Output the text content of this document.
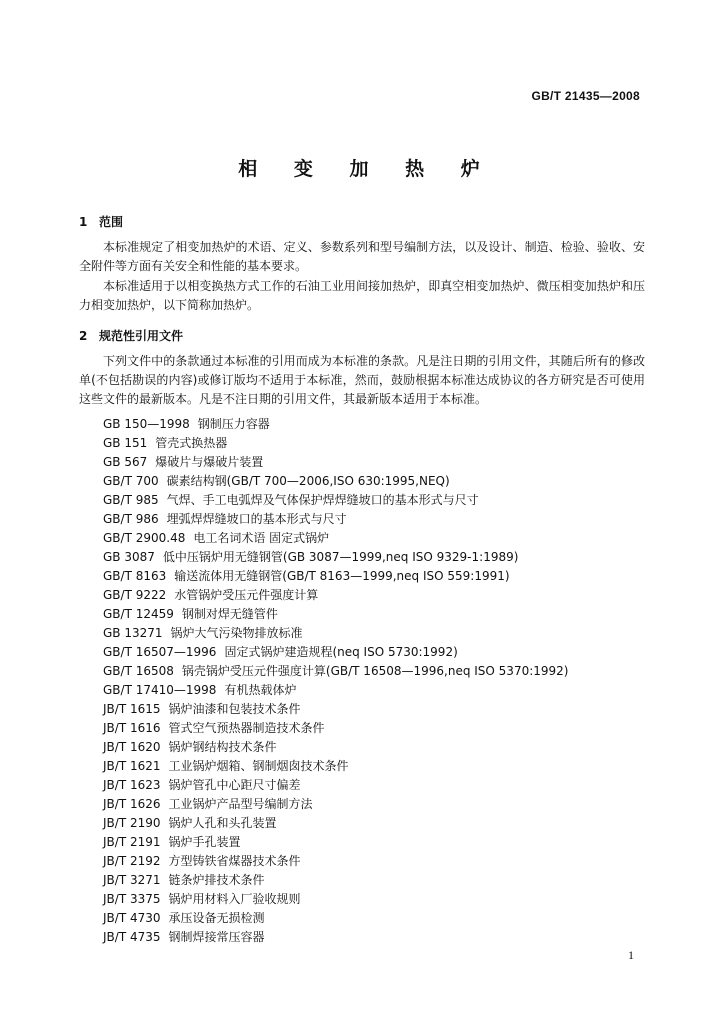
GB/T 21435—2008
相 变 加 热 炉
1 范围

本标准规定了相变加热炉的术语、定义、参数系列和型号编制方法，以及设计、制造、检验、验收、安全附件等方面有关安全和性能的基本要求。

本标准适用于以相变换热方式工作的石油工业用间接加热炉，即真空相变加热炉、微压相变加热炉和压力相变加热炉，以下简称加热炉。

2 规范性引用文件

下列文件中的条款通过本标准的引用而成为本标准的条款。凡是注日期的引用文件，其随后所有的修改单(不包括勘误的内容)或修订版均不适用于本标准，然而，鼓励根据本标准达成协议的各方研究是否可使用这些文件的最新版本。凡是不注日期的引用文件，其最新版本适用于本标准。

GB 150—1998 钢制压力容器
GB 151 管壳式换热器
GB 567 爆破片与爆破片装置
GB/T 700 碳素结构钢(GB/T 700—2006,ISO 630:1995,NEQ)
GB/T 985 气焊、手工电弧焊及气体保护焊焊缝坡口的基本形式与尺寸
GB/T 986 埋弧焊焊缝坡口的基本形式与尺寸
GB/T 2900.48 电工名词术语 固定式锅炉
GB 3087 低中压锅炉用无缝钢管(GB 3087—1999,neq ISO 9329-1:1989)
GB/T 8163 输送流体用无缝钢管(GB/T 8163—1999,neq ISO 559:1991)
GB/T 9222 水管锅炉受压元件强度计算
GB/T 12459 钢制对焊无缝管件
GB 13271 锅炉大气污染物排放标准
GB/T 16507—1996 固定式锅炉建造规程(neq ISO 5730:1992)
GB/T 16508 锅壳锅炉受压元件强度计算(GB/T 16508—1996,neq ISO 5370:1992)
GB/T 17410—1998 有机热载体炉
JB/T 1615 锅炉油漆和包装技术条件
JB/T 1616 管式空气预热器制造技术条件
JB/T 1620 锅炉钢结构技术条件
JB/T 1621 工业锅炉烟箱、钢制烟囱技术条件
JB/T 1623 锅炉管孔中心距尺寸偏差
JB/T 1626 工业锅炉产品型号编制方法
JB/T 2190 锅炉人孔和头孔装置
JB/T 2191 锅炉手孔装置
JB/T 2192 方型铸铁省煤器技术条件
JB/T 3271 链条炉排技术条件
JB/T 3375 锅炉用材料入厂验收规则
JB/T 4730 承压设备无损检测
JB/T 4735 钢制焊接常压容器
1
